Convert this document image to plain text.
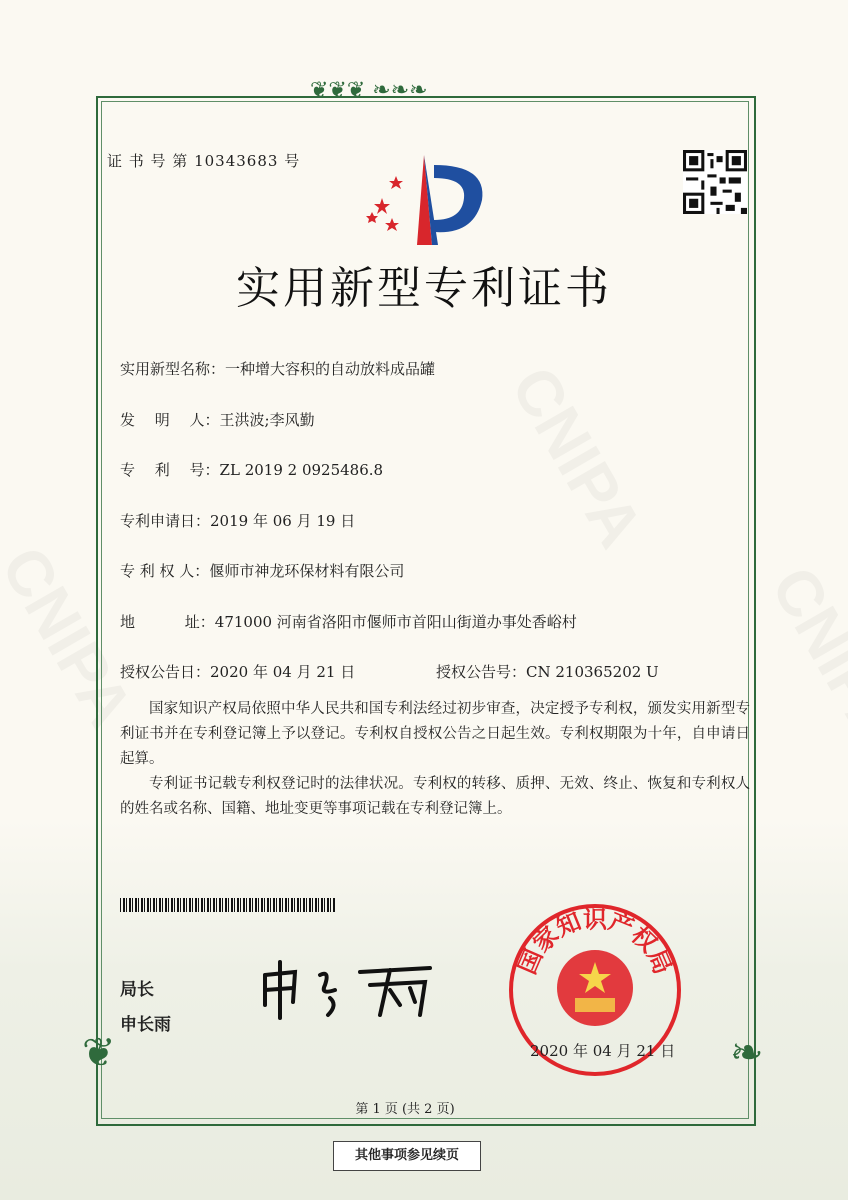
❦❦❦ ❧❧❧
❦	❧
证 书 号 第 10343683 号
实用新型专利证书
实用新型名称：一种增大容积的自动放料成品罐
发　 明　 人：王洪波;李风勤
专　 利　 号：ZL 2019 2 0925486.8
专利申请日：2019 年 06 月 19 日
专 利 权 人：偃师市神龙环保材料有限公司
地　　　 址：471000 河南省洛阳市偃师市首阳山街道办事处香峪村
授权公告日：2020 年 04 月 21 日	授权公告号：CN 210365202 U

国家知识产权局依照中华人民共和国专利法经过初步审查，决定授予专利权，颁发实用新型专利证书并在专利登记簿上予以登记。专利权自授权公告之日起生效。专利权期限为十年，自申请日起算。

专利证书记载专利权登记时的法律状况。专利权的转移、质押、无效、终止、恢复和专利权人的姓名或名称、国籍、地址变更等事项记载在专利登记簿上。

局长
申长雨
国家知识产权局
2020 年 04 月 21 日
第 1 页 (共 2 页)
其他事项参见续页
